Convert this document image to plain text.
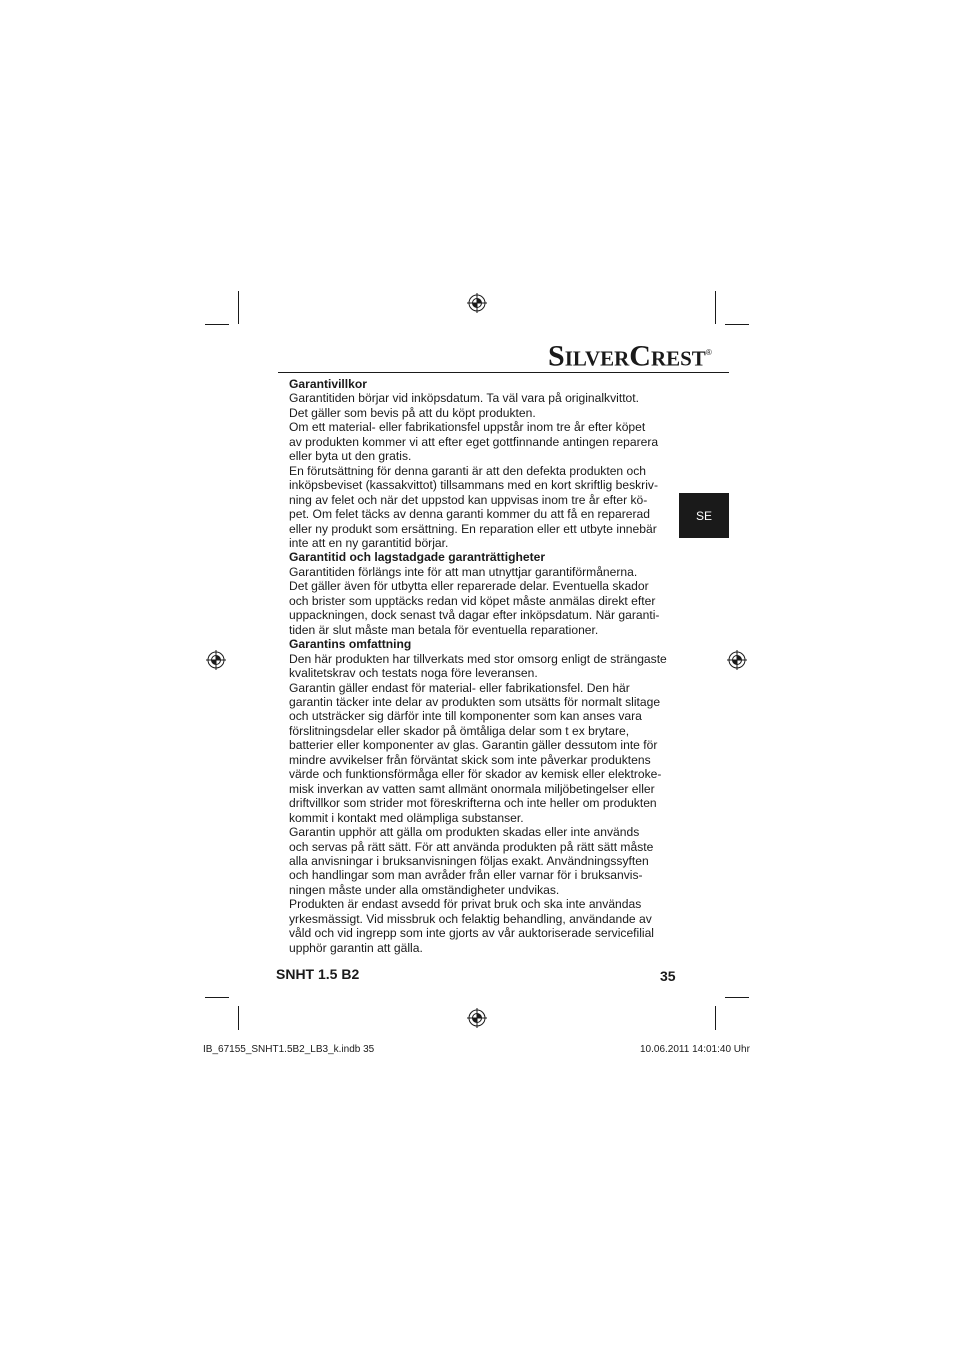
SILVERCREST®

Garantivillkor

Garantitiden börjar vid inköpsdatum. Ta väl vara på originalkvittot.

Det gäller som bevis på att du köpt produkten.

Om ett material- eller fabrikationsfel uppstår inom tre år efter köpet

av produkten kommer vi att efter eget gottfinnande antingen reparera

eller byta ut den gratis.

En förutsättning för denna garanti är att den defekta produkten och

inköpsbeviset (kassakvittot) tillsammans med en kort skriftlig beskriv-

ning av felet och när det uppstod kan uppvisas inom tre år efter kö-

pet. Om felet täcks av denna garanti kommer du att få en reparerad

eller ny produkt som ersättning. En reparation eller ett utbyte innebär

inte att en ny garantitid börjar.

Garantitid och lagstadgade garanträttigheter

Garantitiden förlängs inte för att man utnyttjar garantiförmånerna.

Det gäller även för utbytta eller reparerade delar. Eventuella skador

och brister som upptäcks redan vid köpet måste anmälas direkt efter

uppackningen, dock senast två dagar efter inköpsdatum. När garanti-

tiden är slut måste man betala för eventuella reparationer.

Garantins omfattning

Den här produkten har tillverkats med stor omsorg enligt de strängaste

kvalitetskrav och testats noga före leveransen.

Garantin gäller endast för material- eller fabrikationsfel. Den här

garantin täcker inte delar av produkten som utsätts för normalt slitage

och utsträcker sig därför inte till komponenter som kan anses vara

förslitningsdelar eller skador på ömtåliga delar som t ex brytare,

batterier eller komponenter av glas. Garantin gäller dessutom inte för

mindre avvikelser från förväntat skick som inte påverkar produktens

värde och funktionsförmåga eller för skador av kemisk eller elektroke-

misk inverkan av vatten samt allmänt onormala miljöbetingelser eller

driftvillkor som strider mot föreskrifterna och inte heller om produkten

kommit i kontakt med olämpliga substanser.

Garantin upphör att gälla om produkten skadas eller inte används

och servas på rätt sätt. För att använda produkten på rätt sätt måste

alla anvisningar i bruksanvisningen följas exakt. Användningssyften

och handlingar som man avråder från eller varnar för i bruksanvis-

ningen måste under alla omständigheter undvikas.

Produkten är endast avsedd för privat bruk och ska inte användas

yrkesmässigt. Vid missbruk och felaktig behandling, användande av

våld och vid ingrepp som inte gjorts av vår auktoriserade servicefilial

upphör garantin att gälla.

SE
SNHT 1.5 B2	35
IB_67155_SNHT1.5B2_LB3_k.indb 35	10.06.2011 14:01:40 Uhr
